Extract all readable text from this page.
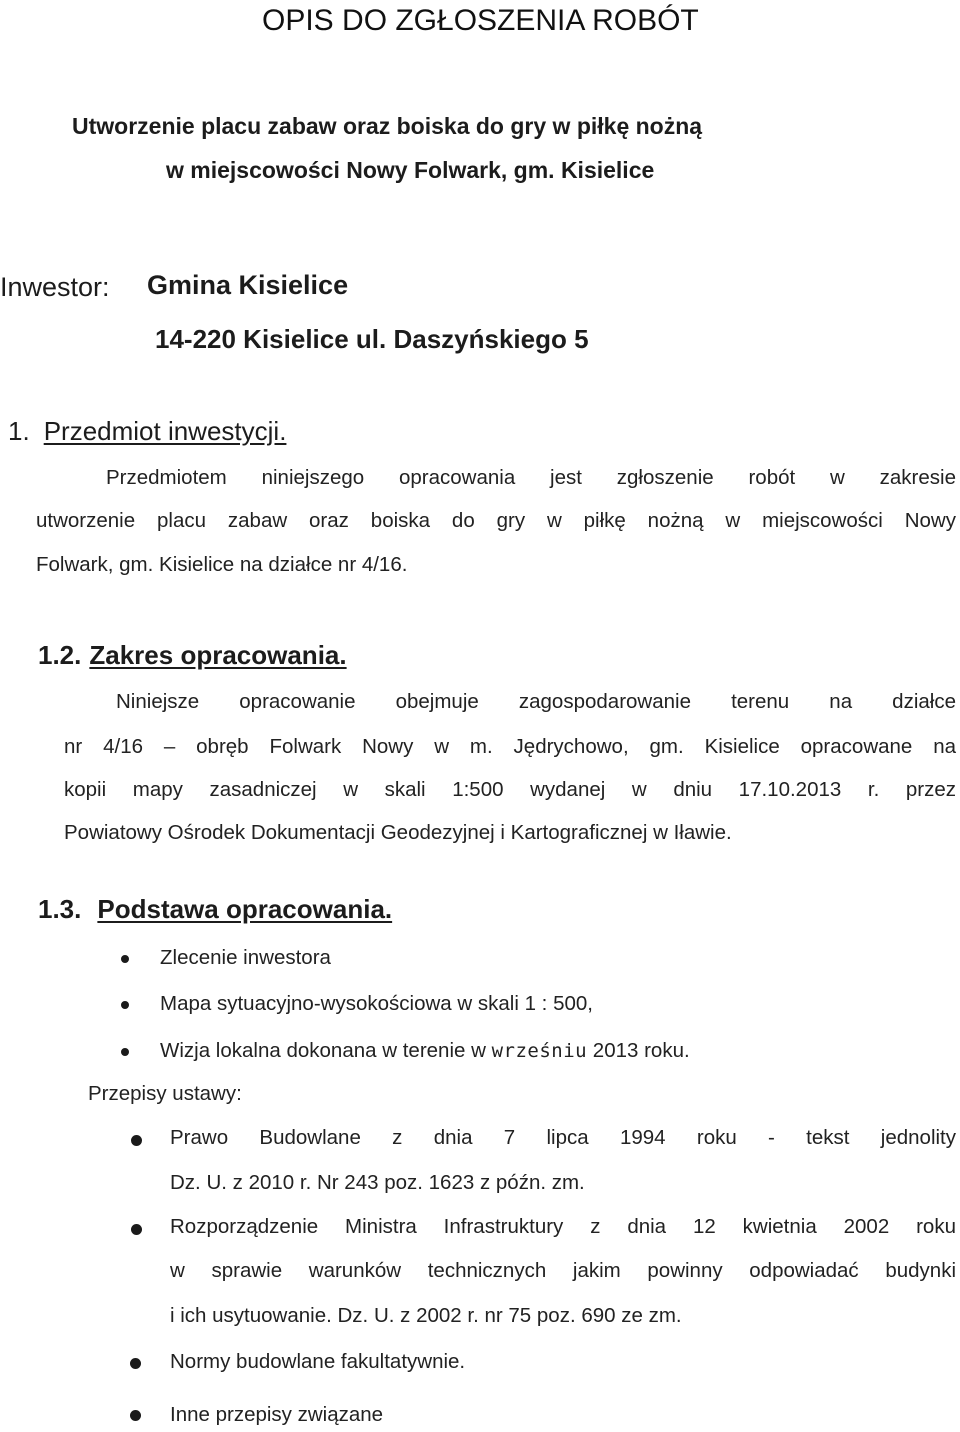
OPIS DO ZGŁOSZENIA ROBÓT
Utworzenie placu zabaw oraz boiska do gry w piłkę nożną
w miejscowości Nowy Folwark, gm. Kisielice
Inwestor: Gmina Kisielice
14-220 Kisielice ul. Daszyńskiego 5
1. Przedmiot inwestycji.
Przedmiotem niniejszego opracowania jest zgłoszenie robót w zakresie
utworzenie placu zabaw oraz boiska do gry w piłkę nożną w miejscowości Nowy
Folwark, gm. Kisielice na działce nr 4/16.
1.2. Zakres opracowania.
Niniejsze opracowanie obejmuje zagospodarowanie terenu na działce
nr 4/16 – obręb Folwark Nowy w m. Jędrychowo, gm. Kisielice opracowane na
kopii mapy zasadniczej w skali 1:500 wydanej w dniu 17.10.2013 r. przez
Powiatowy Ośrodek Dokumentacji Geodezyjnej i Kartograficznej w Iławie.
1.3. Podstawa opracowania.
Zlecenie inwestora
Mapa sytuacyjno-wysokościowa w skali 1 : 500,
Wizja lokalna dokonana w terenie w wrześniu 2013 roku.
Przepisy ustawy:
Prawo Budowlane z dnia 7 lipca 1994 roku - tekst jednolity
Dz. U. z 2010 r. Nr 243 poz. 1623 z późn. zm.
Rozporządzenie Ministra Infrastruktury z dnia 12 kwietnia 2002 roku
w sprawie warunków technicznych jakim powinny odpowiadać budynki
i ich usytuowanie. Dz. U. z 2002 r. nr 75 poz. 690 ze zm.
Normy budowlane fakultatywnie.
Inne przepisy związane
